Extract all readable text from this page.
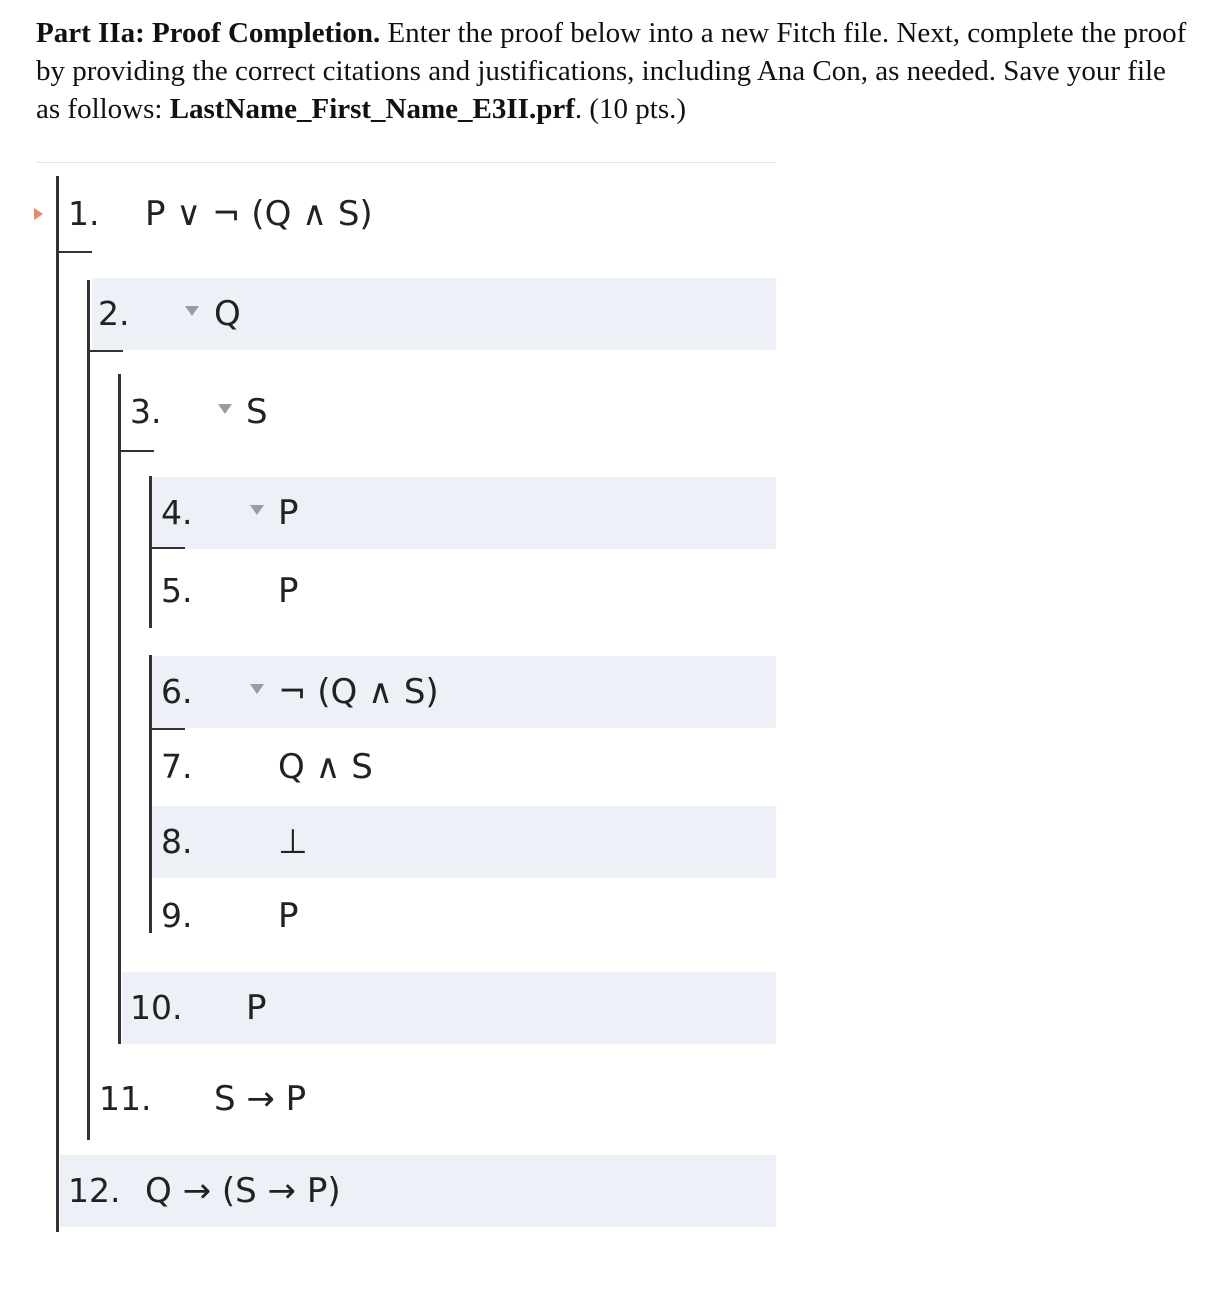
Part IIa: Proof Completion. Enter the proof below into a new Fitch file. Next, complete the proof by providing the correct citations and justifications, including Ana Con, as needed. Save your file as follows: LastName_First_Name_E3II.prf. (10 pts.)
1. P ∨ ¬ (Q ∧ S)
2. Q
3. S
4.	P
5.	P
6.	¬ (Q ∧ S)
7.	Q ∧ S
8.	⊥
9.	P
10. P
11. S → P
12. Q → (S → P)
